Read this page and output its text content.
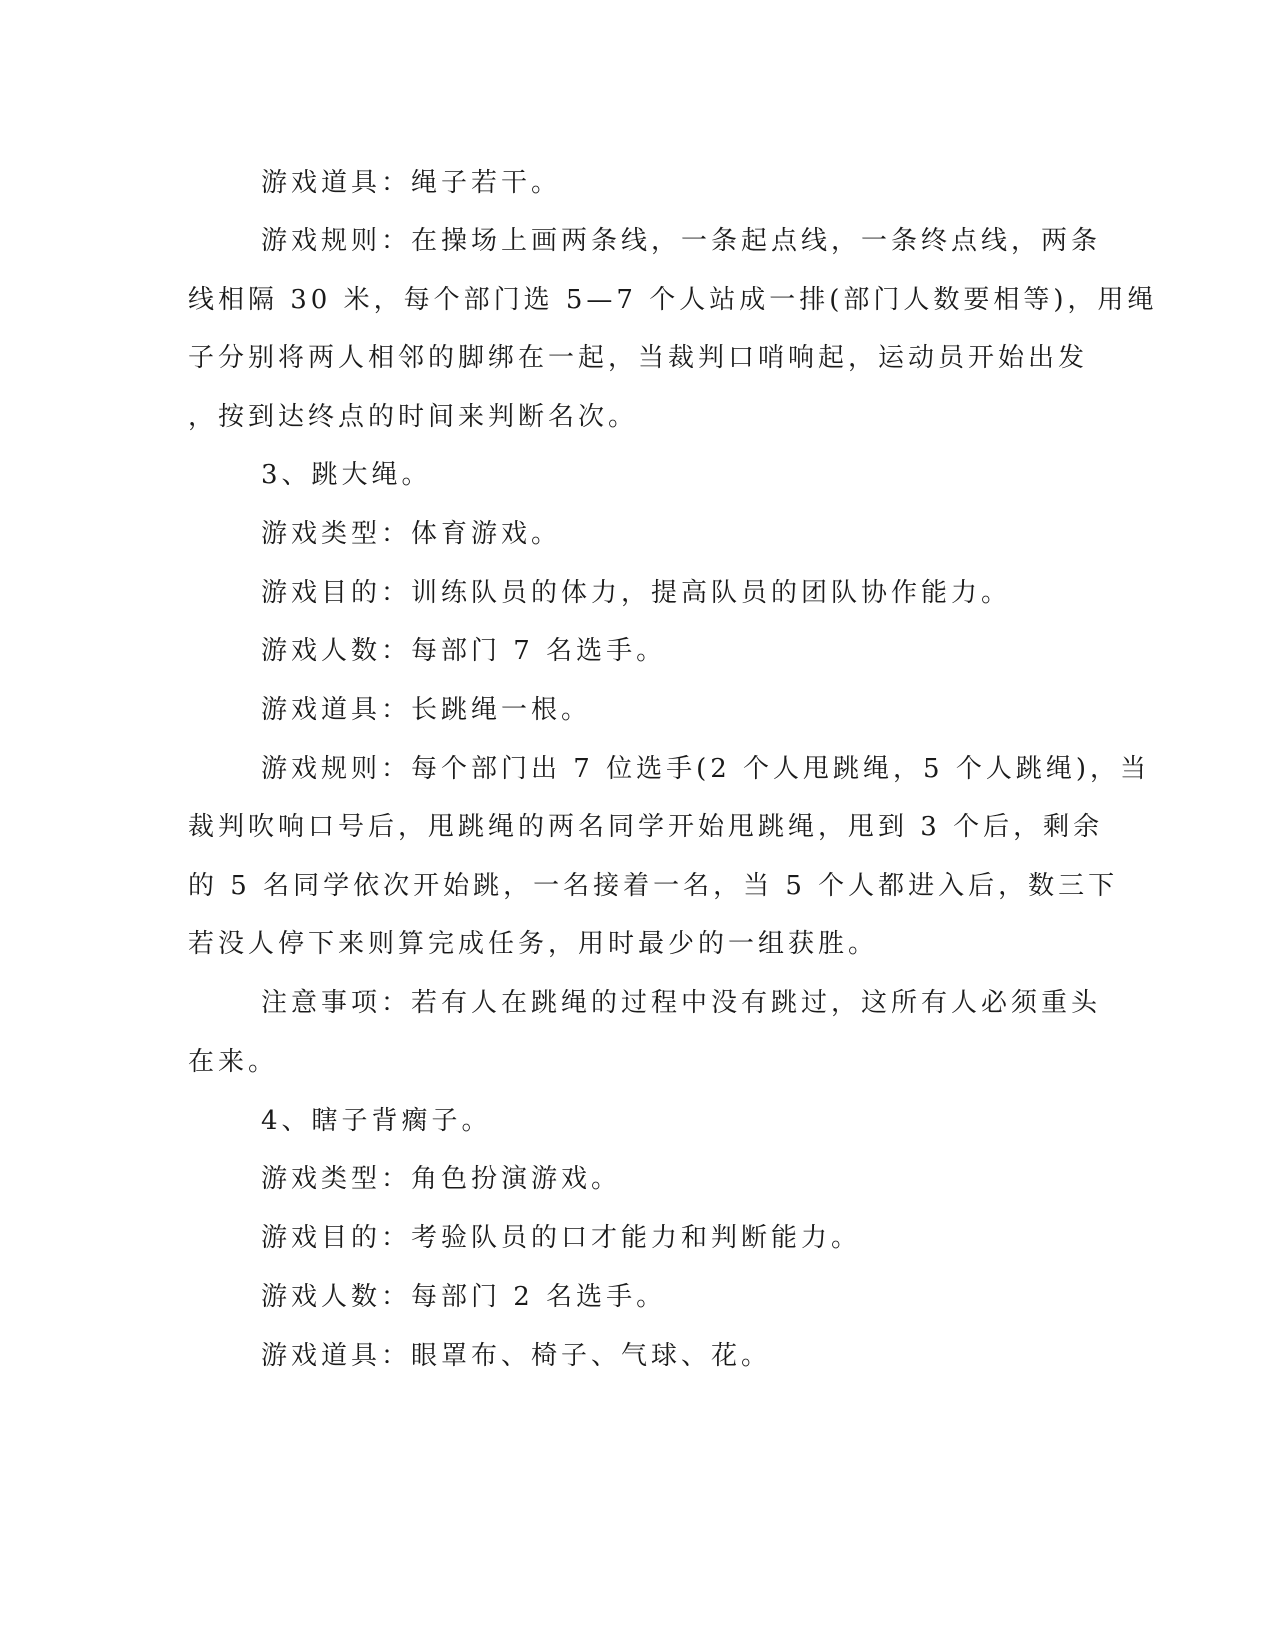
游戏道具：绳子若干。

游戏规则：在操场上画两条线，一条起点线，一条终点线，两条

线相隔 30 米，每个部门选 5—7 个人站成一排(部门人数要相等)，用绳

子分别将两人相邻的脚绑在一起，当裁判口哨响起，运动员开始出发

，按到达终点的时间来判断名次。

3、跳大绳。

游戏类型：体育游戏。

游戏目的：训练队员的体力，提高队员的团队协作能力。

游戏人数：每部门 7 名选手。

游戏道具：长跳绳一根。

游戏规则：每个部门出 7 位选手(2 个人甩跳绳，5 个人跳绳)，当

裁判吹响口号后，甩跳绳的两名同学开始甩跳绳，甩到 3 个后，剩余

的 5 名同学依次开始跳，一名接着一名，当 5 个人都进入后，数三下

若没人停下来则算完成任务，用时最少的一组获胜。

注意事项：若有人在跳绳的过程中没有跳过，这所有人必须重头

在来。

4、瞎子背瘸子。

游戏类型：角色扮演游戏。

游戏目的：考验队员的口才能力和判断能力。

游戏人数：每部门 2 名选手。

游戏道具：眼罩布、椅子、气球、花。
